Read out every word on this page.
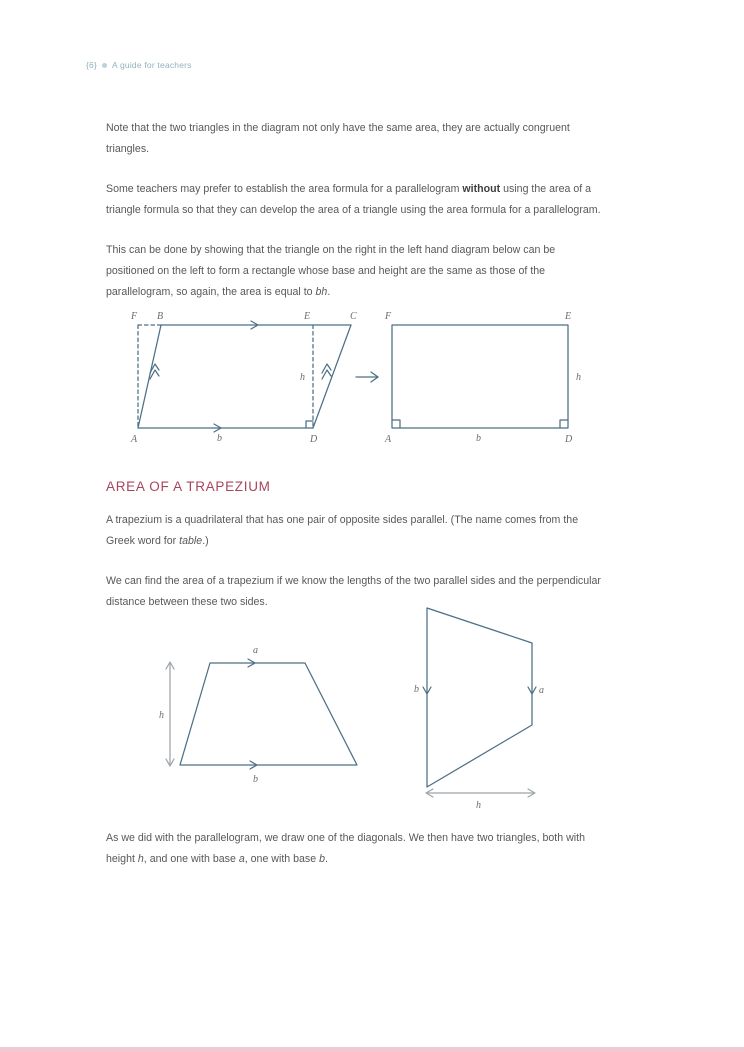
{6} A guide for teachers

Note that the two triangles in the diagram not only have the same area, they are actually congruent triangles.

Some teachers may prefer to establish the area formula for a parallelogram without using the area of a triangle formula so that they can develop the area of a triangle using the area formula for a parallelogram.

This can be done by showing that the triangle on the right in the left hand diagram below can be positioned on the left to form a rectangle whose base and height are the same as those of the parallelogram, so again, the area is equal to bh.

F B	E	C
A	D
b
h
F	E
A	D
b
h
AREA OF A TRAPEZIUM

A trapezium is a quadrilateral that has one pair of opposite sides parallel. (The name comes from the Greek word for table.)

We can find the area of a trapezium if we know the lengths of the two parallel sides and the perpendicular distance between these two sides.

a
b
h
b	a
h

As we did with the parallelogram, we draw one of the diagonals. We then have two triangles, both with height h, and one with base a, one with base b.
